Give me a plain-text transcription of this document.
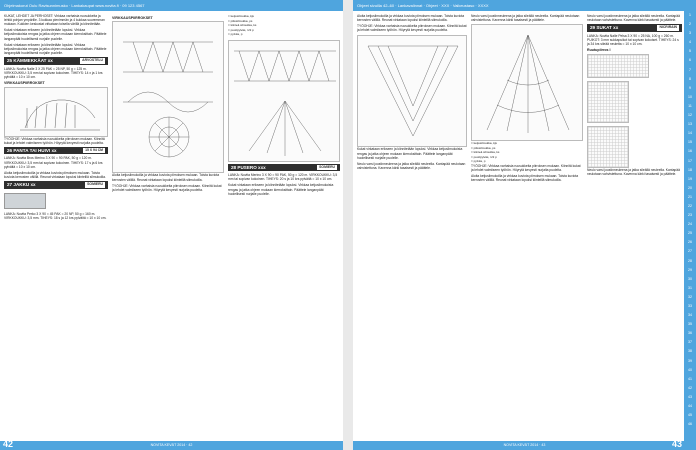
Ohjelmakorut Oulu Ravisunnimusko · Lankakaupat www.novita.fi · 09 123 4567	Ohjeet sivuilla 42–60 · Lankavalinnat · Ohjeet · XXX · Vaikeustaso · XXXX
1
2
3
4
5
6
7
8
9
10
11
12
13
14
15
16
17
18
19
20
21
22
23
24
25
26
27
28
29
30
31
32
33
34
35
36
37
38
39
40
41
42
43
44
45
46

KUKAT, LEHDET JA PERHOSET: Virkkaa varhaisia ruusukkeita ja lehtiä pohjan ympärille. 3 kukkaa pienimmän ja 4 kukkaa suuremman mukaan. Kukkien keskustat virkataan toisella värillä ja kiinnitetään.

Kukat virkataan erikseen ja kiinnitetään lopuksi. Virkkaa ketjusilmukoista rengas ja jatka ohjeen mukaan kierroksittain. Päättele langanpäät huolellisesti nurjalle puolelle.

Kukat virkataan erikseen ja kiinnitetään lopuksi. Virkkaa ketjusilmukoista rengas ja jatka ohjeen mukaan kierroksittain. Päättele langanpäät huolellisesti nurjalle puolelle.

25 KÄMMEKKÄAT xx	ARVOSTELU

LANKA: Novita Nalle 3 X 25 PAK = 25 NP, 50 g = 125 m. VIRKKOUKKU: 3,5 mm tai sopivan kokoinen. TIHEYS: 14 x ja 1 krs pylväitä = 10 x 10 cm.

VIRKKAUSPIIRROKSET

TYÖOHJE: Virkkaa varhaisia ruusukkeita piirroksen mukaan. Kiinnitä kukat ja lehdet valmiiseen työhön. Höyrytä kevyesti nurjalta puolelta.

26 PANTA TAI HUIVI xx	15 X 94 CM

LANKA: Novita Bros Merino 3 X 90 = 90 PAK, 50 g = 120 m. VIRKKOUKKU: 3,5 mm tai sopivan kokoinen. TIHEYS: 17 s ja 6 krs pylväitä = 10 x 10 cm.

Aloita ketjusilmukoilla ja virkkaa kuviota piirroksen mukaan. Toista kuviota kerrosten välillä. Reunat virkataan lopuksi kiinteillä silmukoilla.

27 JAKKU xx	SOMIERU

LANKA: Novita Perko 3 X 90 = 45 PAK = 20 NP, 50 g = 160 m. VIRKKOUKKU: 3,5 mm. TIHEYS: 18 s ja 12 krs pylväitä = 10 x 10 cm.

VIRKKAUSPIIRROKSET

Aloita ketjusilmukoilla ja virkkaa kuviota piirroksen mukaan. Toista kuviota kerrosten välillä. Reunat virkataan lopuksi kiinteillä silmukoilla.

TYÖOHJE: Virkkaa varhaisia ruusukkeita piirroksen mukaan. Kiinnitä kukat ja lehdet valmiiseen työhön. Höyrytä kevyesti nurjalta puolelta.

= ketjusilmukka, kjs
= piilosilmukka, ps
= kiinteä silmukka, ks
= puolipylväs, 1/2 p
= pylväs, p
28 PUSERO xxx	SOMIERU

LANKA: Novita Merino 3 X 90 = 90 PAK, 50 g = 120 m. VIRKKOUKKU: 3,5 mm tai sopivan kokoinen. TIHEYS: 20 s ja 10 krs pylväitä = 10 x 10 cm.

Kukat virkataan erikseen ja kiinnitetään lopuksi. Virkkaa ketjusilmukoista rengas ja jatka ohjeen mukaan kierroksittain. Päättele langanpäät huolellisesti nurjalle puolelle.

Aloita ketjusilmukoilla ja virkkaa kuviota piirroksen mukaan. Toista kuviota kerrosten välillä. Reunat virkataan lopuksi kiinteillä silmukoilla.

TYÖOHJE: Virkkaa varhaisia ruusukkeita piirroksen mukaan. Kiinnitä kukat ja lehdet valmiiseen työhön. Höyrytä kevyesti nurjalta puolelta.

Kukat virkataan erikseen ja kiinnitetään lopuksi. Virkkaa ketjusilmukoista rengas ja jatka ohjeen mukaan kierroksittain. Päättele langanpäät huolellisesti nurjalle puolelle.

Neulo varsi joustinneuleena ja jatka sileällä neuleella. Kantapää neulotaan vahvistettuna. Kavenna kärki tasaisesti ja päättele.

Neulo varsi joustinneuleena ja jatka sileällä neuleella. Kantapää neulotaan vahvistettuna. Kavenna kärki tasaisesti ja päättele.

= ketjusilmukka, kjs
= piilosilmukka, ps
= kiinteä silmukka, ks
= puolipylväs, 1/2 p
= pylväs, p

TYÖOHJE: Virkkaa varhaisia ruusukkeita piirroksen mukaan. Kiinnitä kukat ja lehdet valmiiseen työhön. Höyrytä kevyesti nurjalta puolelta.

Aloita ketjusilmukoilla ja virkkaa kuviota piirroksen mukaan. Toista kuviota kerrosten välillä. Reunat virkataan lopuksi kiinteillä silmukoilla.

Neulo varsi joustinneuleena ja jatka sileällä neuleella. Kantapää neulotaan vahvistettuna. Kavenna kärki tasaisesti ja päättele.

29 SUKAT xx	NICRIRAIN

LANKA: Novita Nalle Pelsa 3 X 90 = 25 NA, 100 g = 260 m. PUIKOT: 3 mm sukkapuikot tai sopivan kokoiset. TIHEYS: 24 s ja 34 krs sileää neuletta = 10 x 10 cm.

Ruutupiirros I

Neulo varsi joustinneuleena ja jatka sileällä neuleella. Kantapää neulotaan vahvistettuna. Kavenna kärki tasaisesti ja päättele.

NOVITA KEVÄT 2014 · 42	NOVITA KEVÄT 2014 · 43
42	43
